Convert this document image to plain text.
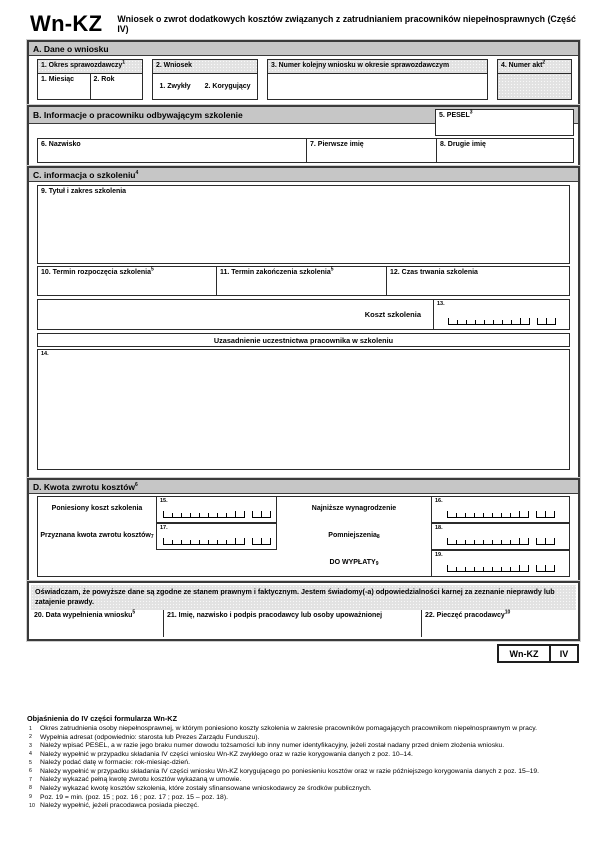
Wn-KZ Wniosek o zwrot dodatkowych kosztów związanych z zatrudnianiem pracowników niepełnosprawnych (Część IV)
A. Dane o wniosku
1. Okres sprawozdawczy$^1$
1. Miesiąc	2. Rok
2. Wniosek
1. Zwykły 2. Korygujący
3. Numer kolejny wniosku w okresie sprawozdawczym	4. Numer akt$^2$
B. Informacje o pracowniku odbywającym szkolenie	5. PESEL$^3$
6. Nazwisko	7. Pierwsze imię	8. Drugie imię
C. informacja o szkoleniu$^4$
9. Tytuł i zakres szkolenia
10. Termin rozpoczęcia szkolenia$^5$	11. Termin zakończenia szkolenia$^5$	12. Czas trwania szkolenia
Koszt szkolenia
13.
Uzasadnienie uczestnictwa pracownika w szkoleniu
14.
D. Kwota zwrotu kosztów$^6$
Poniesiony koszt szkolenia
15.
Przyznana kwota zwrotu kosztów 7
17.
Najniższe wynagrodzenie
16.
Pomniejszenia 8
18.
DO WYPŁATY 9
19.
Oświadczam, że powyższe dane są zgodne ze stanem prawnym i faktycznym. Jestem świadomy(-a) odpowiedzialności karnej za zeznanie nieprawdy lub zatajenie prawdy.
20. Data wypełnienia wniosku$^5$	21. Imię, nazwisko i podpis pracodawcy lub osoby upoważnionej	22. Pieczęć pracodawcy$^{10}$
Wn-KZ	IV
Objaśnienia do IV części formularza Wn-KZ
1	Okres zatrudnienia osoby niepełnosprawnej, w którym poniesiono koszty szkolenia w zakresie pracowników pomagających pracownikom niepełnosprawnym w pracy.
2	Wypełnia adresat (odpowiednio: starosta lub Prezes Zarządu Funduszu).
3	Należy wpisać PESEL, a w razie jego braku numer dowodu tożsamości lub inny numer identyfikacyjny, jeżeli został nadany przed dniem złożenia wniosku.
4	Należy wypełnić w przypadku składania IV części wniosku Wn-KZ zwykłego oraz w razie korygowania danych z poz. 10–14.
5	Należy podać datę w formacie: rok-miesiąc-dzień.
6	Należy wypełnić w przypadku składania IV części wniosku Wn-KZ korygującego po poniesieniu kosztów oraz w razie późniejszego korygowania danych z poz. 15–19.
7	Należy wykazać pełną kwotę zwrotu kosztów wykazaną w umowie.
8	Należy wykazać kwotę kosztów szkolenia, które zostały sfinansowane wnioskodawcy ze środków publicznych.
9	Poz. 19 = min. (poz. 15 ; poz. 16 ; poz. 17 ; poz. 15 – poz. 18).
10 Należy wypełnić, jeżeli pracodawca posiada pieczęć.
